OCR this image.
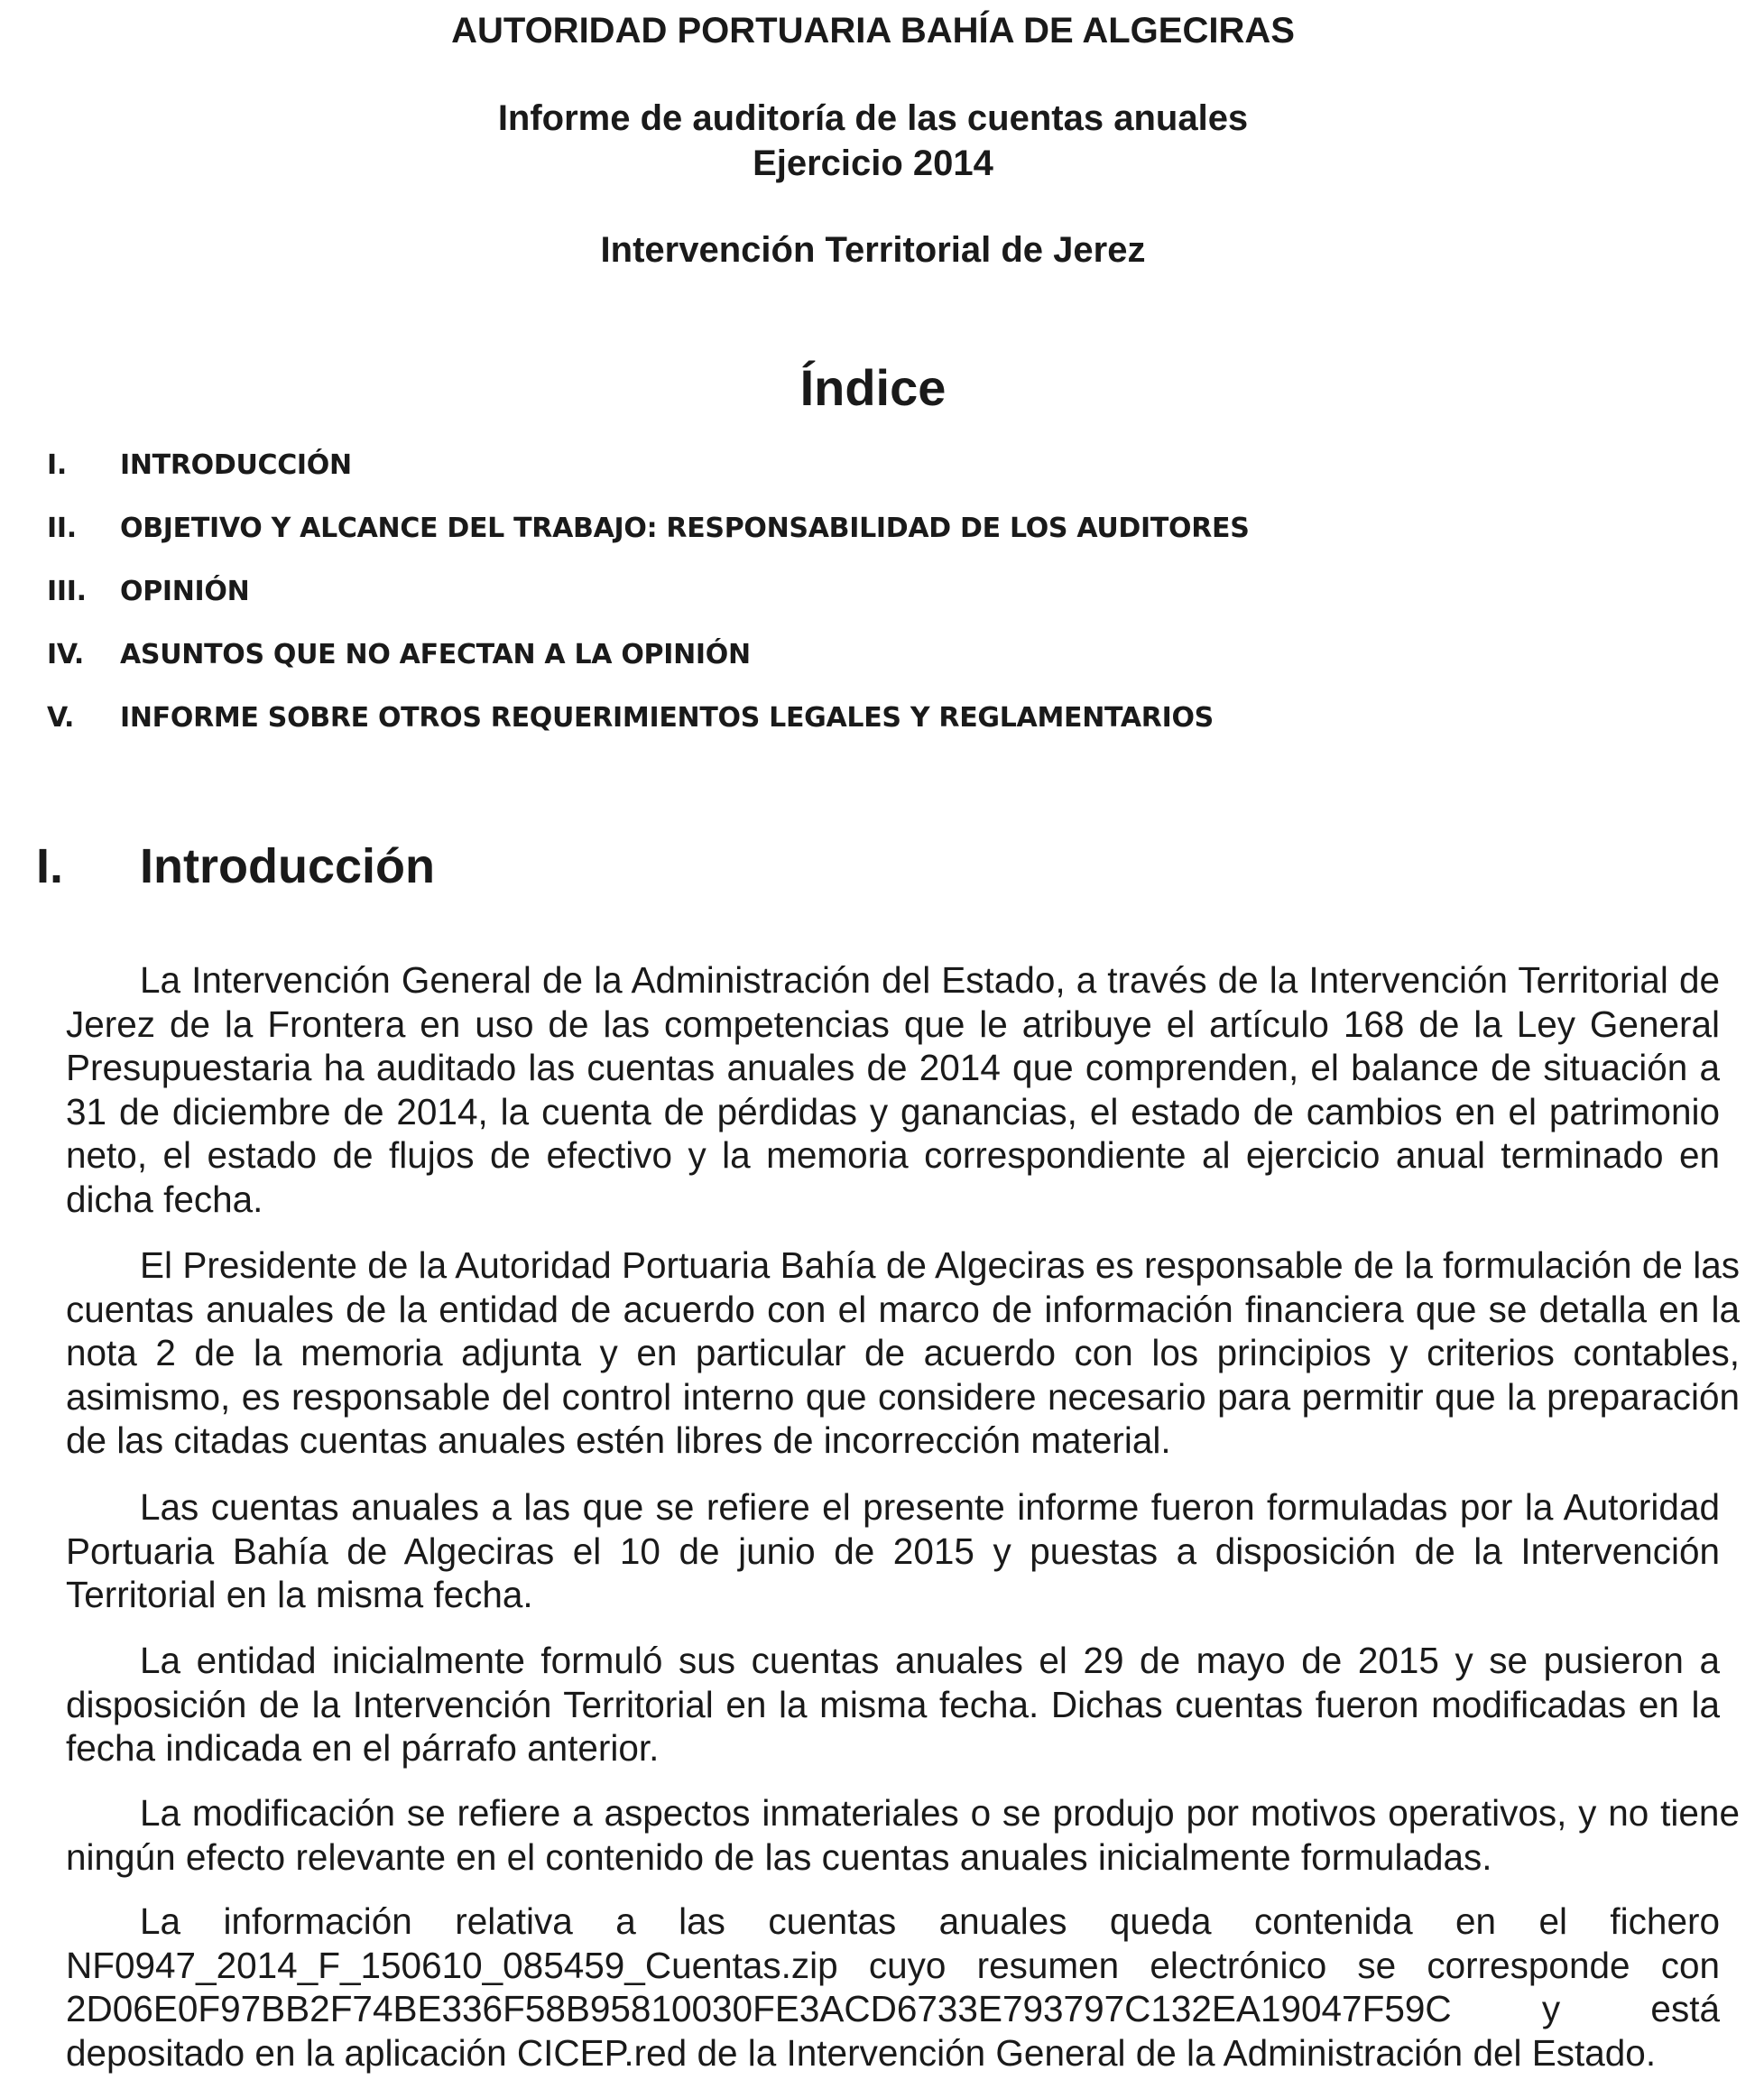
AUTORIDAD PORTUARIA BAHÍA DE ALGECIRAS
Informe de auditoría de las cuentas anuales
Ejercicio 2014
Intervención Territorial de Jerez
Índice
I. INTRODUCCIÓN
II. OBJETIVO Y ALCANCE DEL TRABAJO: RESPONSABILIDAD DE LOS AUDITORES
III. OPINIÓN
IV. ASUNTOS QUE NO AFECTAN A LA OPINIÓN
V. INFORME SOBRE OTROS REQUERIMIENTOS LEGALES Y REGLAMENTARIOS
I. Introducción

La Intervención General de la Administración del Estado, a través de la Intervención Territorial de Jerez de la Frontera en uso de las competencias que le atribuye el artículo 168 de la Ley General Presupuestaria ha auditado las cuentas anuales de 2014 que comprenden, el balance de situación a 31 de diciembre de 2014, la cuenta de pérdidas y ganancias, el estado de cambios en el patrimonio neto, el estado de flujos de efectivo y la memoria correspondiente al ejercicio anual terminado en dicha fecha.

El Presidente de la Autoridad Portuaria Bahía de Algeciras es responsable de la formulación de las cuentas anuales de la entidad de acuerdo con el marco de información financiera que se detalla en la nota 2 de la memoria adjunta y en particular de acuerdo con los principios y criterios contables, asimismo, es responsable del control interno que considere necesario para permitir que la preparación de las citadas cuentas anuales estén libres de incorrección material.

Las cuentas anuales a las que se refiere el presente informe fueron formuladas por la Autoridad Portuaria Bahía de Algeciras el 10 de junio de 2015 y puestas a disposición de la Intervención Territorial en la misma fecha.

La entidad inicialmente formuló sus cuentas anuales el 29 de mayo de 2015 y se pusieron a disposición de la Intervención Territorial en la misma fecha. Dichas cuentas fueron modificadas en la fecha indicada en el párrafo anterior.

La modificación se refiere a aspectos inmateriales o se produjo por motivos operativos, y no tiene ningún efecto relevante en el contenido de las cuentas anuales inicialmente formuladas.

La información relativa a las cuentas anuales queda contenida en el fichero NF0947_2014_F_150610_085459_Cuentas.zip cuyo resumen electrónico se corresponde con 2D06E0F97BB2F74BE336F58B95810030FE3ACD6733E793797C132EA19047F59C y está depositado en la aplicación CICEP.red de la Intervención General de la Administración del Estado.
